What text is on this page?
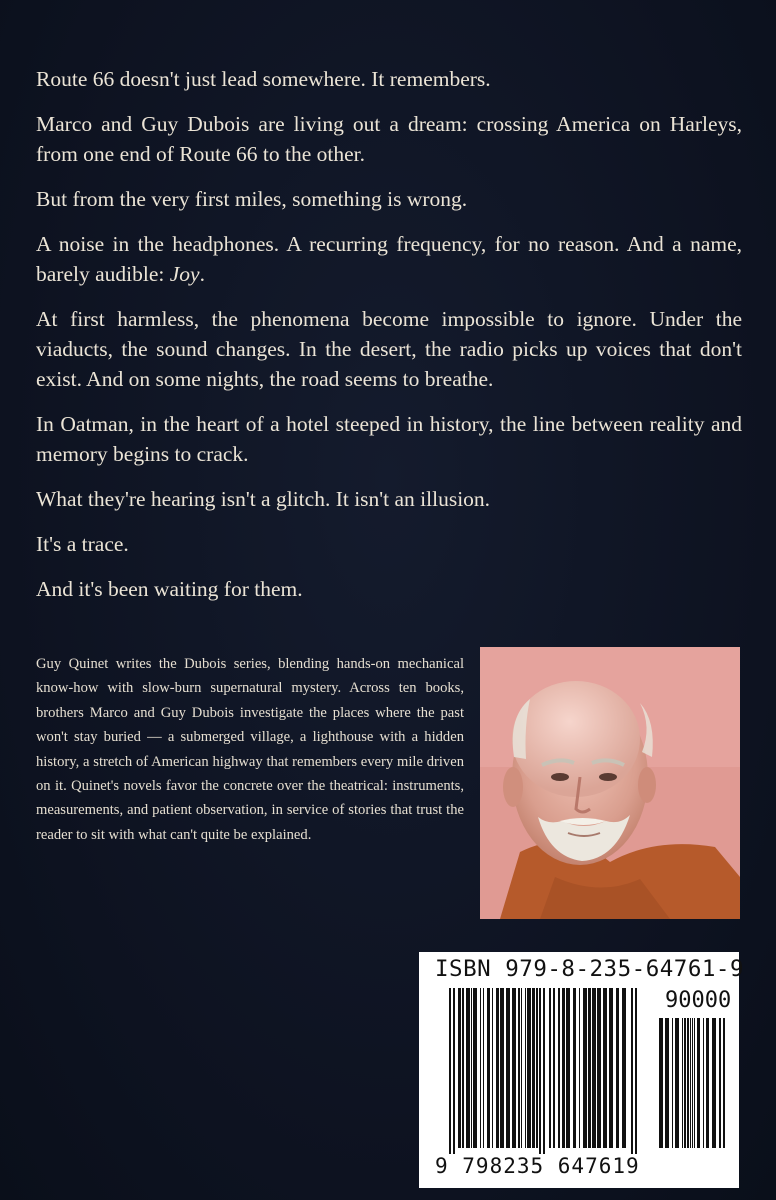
Route 66 doesn't just lead somewhere. It remembers.

Marco and Guy Dubois are living out a dream: crossing America on Harleys, from one end of Route 66 to the other.

But from the very first miles, something is wrong.

A noise in the headphones. A recurring frequency, for no reason. And a name, barely audible: Joy.

At first harmless, the phenomena become impossible to ignore. Under the viaducts, the sound changes. In the desert, the radio picks up voices that don't exist. And on some nights, the road seems to breathe.

In Oatman, in the heart of a hotel steeped in history, the line between reality and memory begins to crack.

What they're hearing isn't a glitch. It isn't an illusion.

It's a trace.

And it's been waiting for them.

Guy Quinet writes the Dubois series, blending hands-on mechanical know-how with slow-burn supernatural mystery. Across ten books, brothers Marco and Guy Dubois investigate the places where the past won't stay buried — a submerged village, a lighthouse with a hidden history, a stretch of American highway that remembers every mile driven on it. Quinet's novels favor the concrete over the theatrical: instruments, measurements, and patient observation, in service of stories that trust the reader to sit with what can't quite be explained.
ISBN 979-8-235-64761-9
90000
9 798235 647619
